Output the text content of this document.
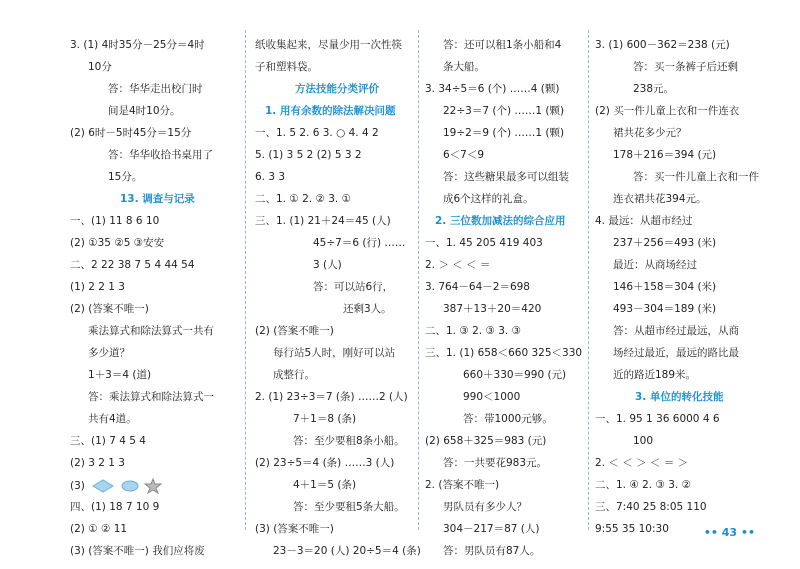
3. (1) 4时35分－25分＝4时
10分
答：华华走出校门时
间是4时10分。
(2) 6时－5时45分＝15分
答：华华收拾书桌用了
15分。
13. 调查与记录
一、(1) 11 8 6 10
(2) ①35 ②5 ③安安
二、2 22 38 7 5 4 44 54
(1) 2 2 1 3
(2) (答案不唯一)
乘法算式和除法算式一共有
多少道？
1＋3＝4 (道)
答：乘法算式和除法算式一
共有4道。
三、(1) 7 4 5 4
(2) 3 2 1 3
(3)
四、(1) 18 7 10 9
(2) ① ② 11
(3) (答案不唯一) 我们应将废
纸收集起来，尽量少用一次性筷
子和塑料袋。
方法技能分类评价
1. 用有余数的除法解决问题
一、1. 5 2. 6 3. ○ 4. 4 2
5. (1) 3 5 2 (2) 5 3 2
6. 3 3
二、1. ① 2. ② 3. ①
三、1. (1) 21＋24＝45 (人)
45÷7＝6 (行) ……
3 (人)
答：可以站6行，
还剩3人。
(2) (答案不唯一)
每行站5人时，刚好可以站
成整行。
2. (1) 23÷3＝7 (条) ……2 (人)
7＋1＝8 (条)
答：至少要租8条小船。
(2) 23÷5＝4 (条) ……3 (人)
4＋1＝5 (条)
答：至少要租5条大船。
(3) (答案不唯一)
23－3＝20 (人) 20÷5＝4 (条)
答：还可以租1条小船和4
条大船。
3. 34÷5＝6 (个) ……4 (颗)
22÷3＝7 (个) ……1 (颗)
19÷2＝9 (个) ……1 (颗)
6＜7＜9
答：这些糖果最多可以组装
成6个这样的礼盒。
2. 三位数加减法的综合应用
一、1. 45 205 419 403
2. ＞ ＜ ＜ ＝
3. 764－64－2＝698
387＋13＋20＝420
二、1. ③ 2. ③ 3. ③
三、1. (1) 658＜660 325＜330
660＋330＝990 (元)
990＜1000
答：带1000元够。
(2) 658＋325＝983 (元)
答：一共要花983元。
2. (答案不唯一)
男队员有多少人？
304－217＝87 (人)
答：男队员有87人。
3. (1) 600－362＝238 (元)
答：买一条裤子后还剩
238元。
(2) 买一件儿童上衣和一件连衣
裙共花多少元？
178＋216＝394 (元)
答：买一件儿童上衣和一件
连衣裙共花394元。
4. 最远：从超市经过
237＋256＝493 (米)
最近：从商场经过
146＋158＝304 (米)
493－304＝189 (米)
答：从超市经过最远，从商
场经过最近，最远的路比最
近的路近189米。
3. 单位的转化技能
一、1. 95 1 36 6000 4 6
100
2. ＜ ＜ ＞ ＜ ＝ ＞
二、1. ④ 2. ③ 3. ②
三、7:40 25 8:05 110
9:55 35 10:30	•• 43 ••
